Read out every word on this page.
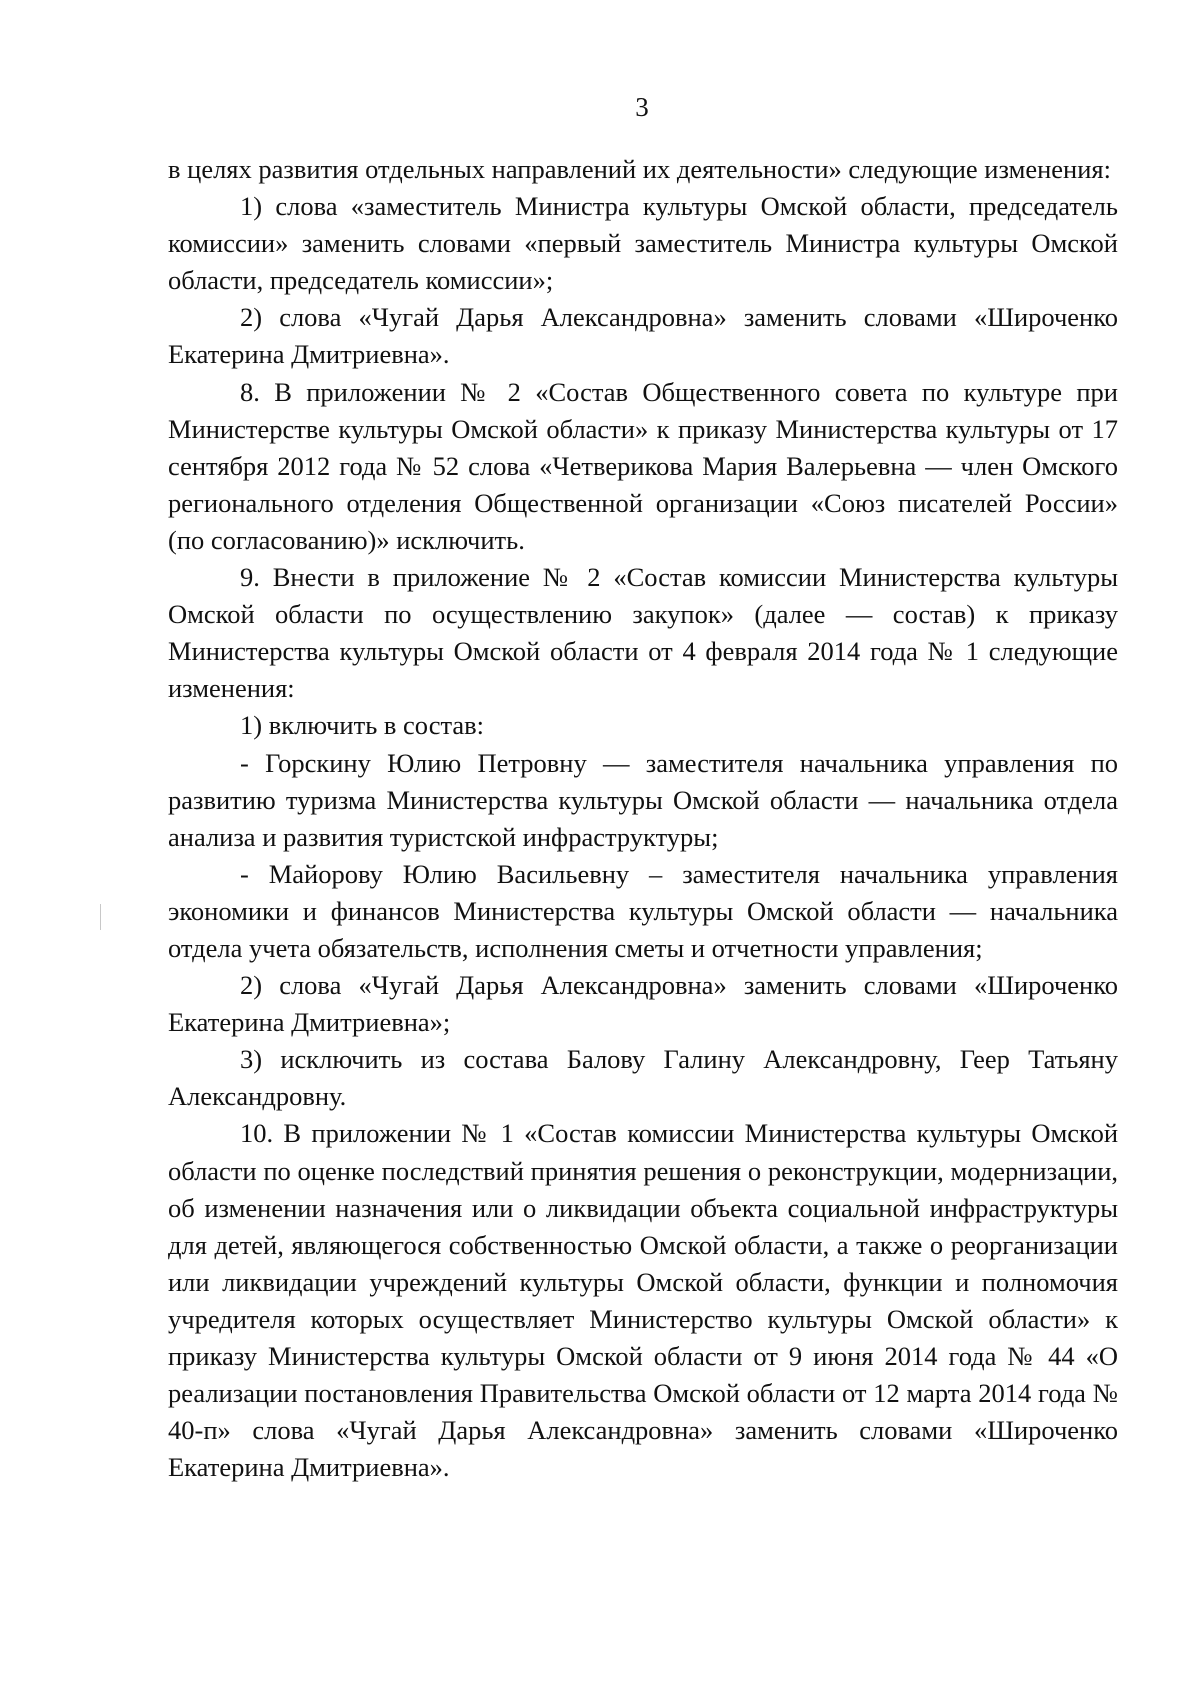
3

в целях развития отдельных направлений их деятельности» следующие изменения:

1) слова «заместитель Министра культуры Омской области, председатель комиссии» заменить словами «первый заместитель Министра культуры Омской области, председатель комиссии»;

2) слова «Чугай Дарья Александровна» заменить словами «Широченко Екатерина Дмитриевна».

8. В приложении № 2 «Состав Общественного совета по культуре при Министерстве культуры Омской области» к приказу Министерства культуры от 17 сентября 2012 года № 52 слова «Четверикова Мария Валерьевна — член Омского регионального отделения Общественной организации «Союз писателей России» (по согласованию)» исключить.

9. Внести в приложение № 2 «Состав комиссии Министерства культуры Омской области по осуществлению закупок» (далее — состав) к приказу Министерства культуры Омской области от 4 февраля 2014 года № 1 следующие изменения:

1) включить в состав:

- Горскину Юлию Петровну — заместителя начальника управления по развитию туризма Министерства культуры Омской области — начальника отдела анализа и развития туристской инфраструктуры;

- Майорову Юлию Васильевну – заместителя начальника управления экономики и финансов Министерства культуры Омской области — начальника отдела учета обязательств, исполнения сметы и отчетности управления;

2) слова «Чугай Дарья Александровна» заменить словами «Широченко Екатерина Дмитриевна»;

3) исключить из состава Балову Галину Александровну, Геер Татьяну Александровну.

10. В приложении № 1 «Состав комиссии Министерства культуры Омской области по оценке последствий принятия решения о реконструкции, модернизации, об изменении назначения или о ликвидации объекта социальной инфраструктуры для детей, являющегося собственностью Омской области, а также о реорганизации или ликвидации учреждений культуры Омской области, функции и полномочия учредителя которых осуществляет Министерство культуры Омской области» к приказу Министерства культуры Омской области от 9 июня 2014 года № 44 «О реализации постановления Правительства Омской области от 12 марта 2014 года № 40-п» слова «Чугай Дарья Александровна» заменить словами «Широченко Екатерина Дмитриевна».
